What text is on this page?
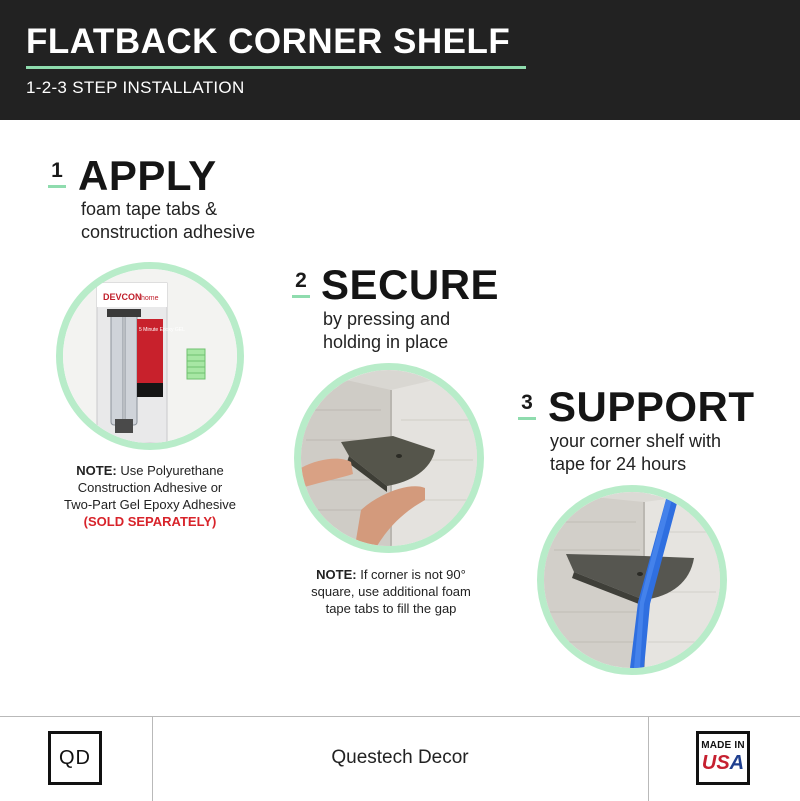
FLATBACK CORNER SHELF
1-2-3 STEP INSTALLATION
1 APPLY
foam tape tabs &
construction adhesive
DEVCON home
5 Minute Epoxy GEL
NOTE: Use Polyurethane
Construction Adhesive or
Two-Part Gel Epoxy Adhesive
(SOLD SEPARATELY)
2 SECURE
by pressing and
holding in place
NOTE: If corner is not 90°
square, use additional foam
tape tabs to fill the gap
3 SUPPORT
your corner shelf with
tape for 24 hours
QD	Questech Decor
MADE IN
USA
